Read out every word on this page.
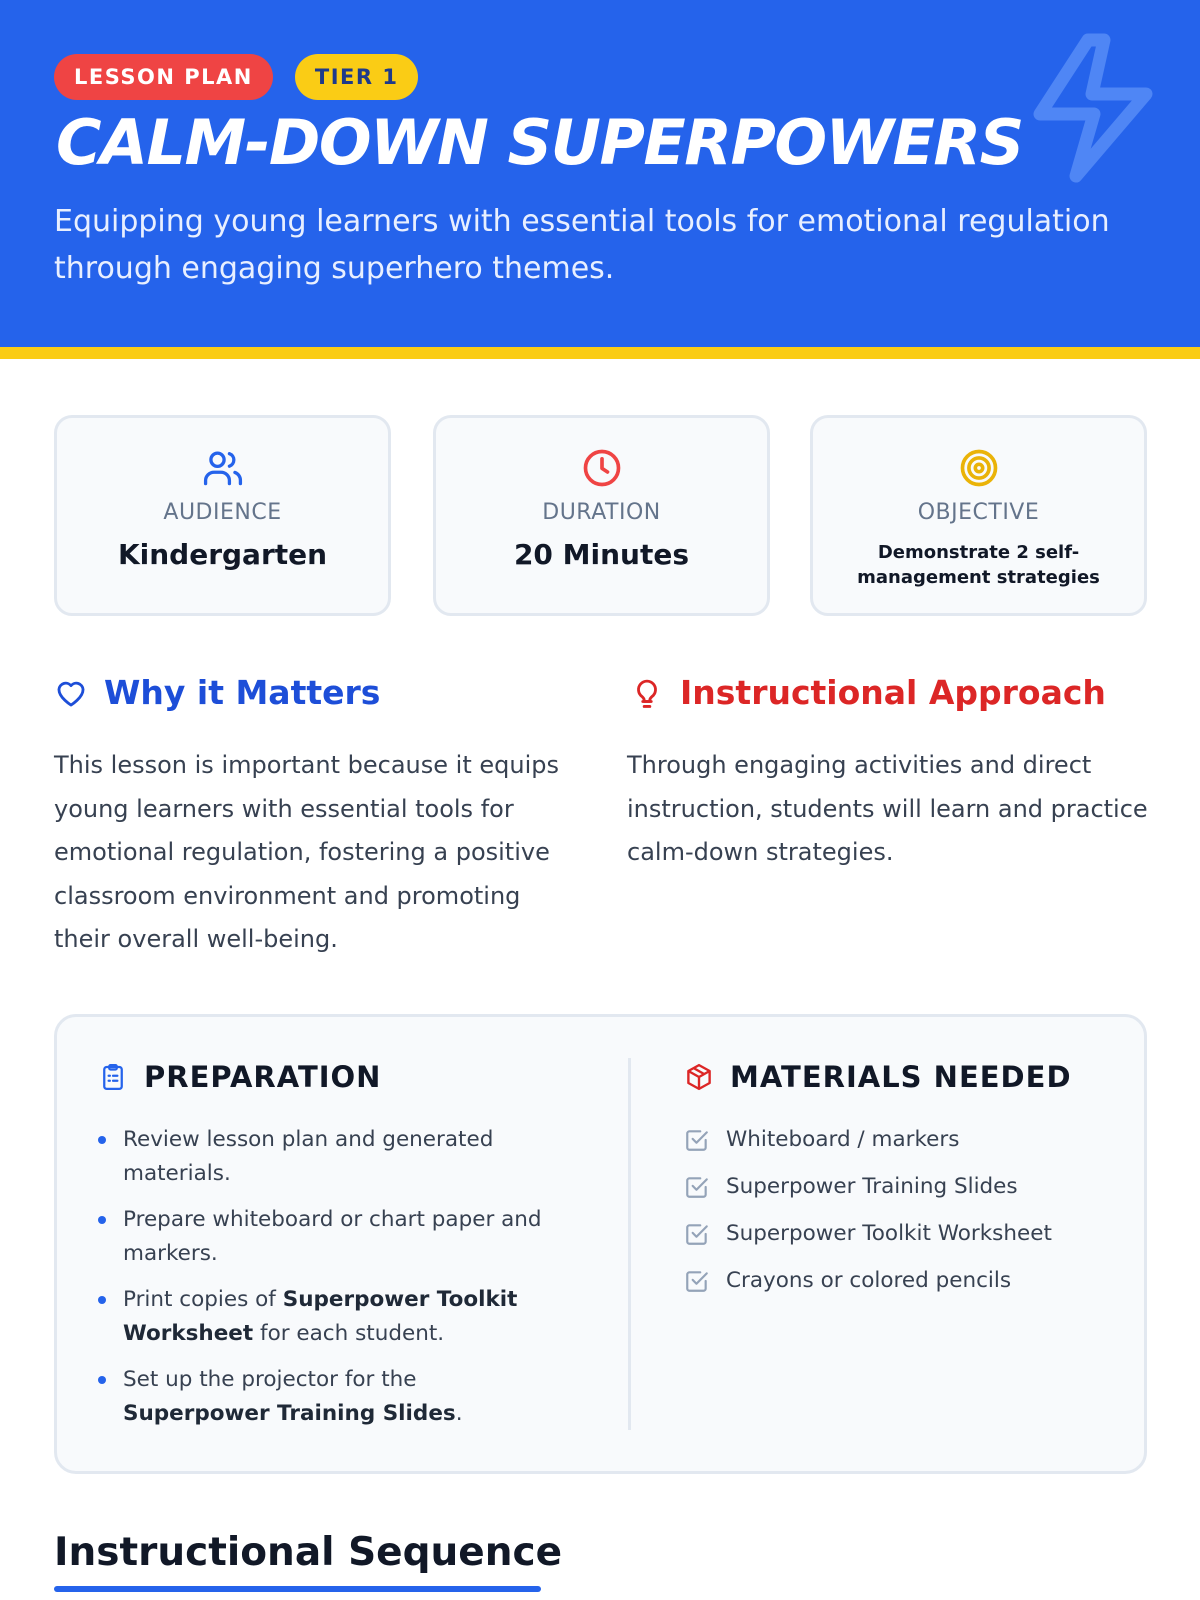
LESSON PLAN	TIER 1
CALM-DOWN SUPERPOWERS

Equipping young learners with essential tools for emotional regulation through engaging superhero themes.

AUDIENCE
Kindergarten
DURATION
20 Minutes
OBJECTIVE
Demonstrate 2 self-management strategies
Why it Matters

This lesson is important because it equips young learners with essential tools for emotional regulation, fostering a positive classroom environment and promoting their overall well-being.

Instructional Approach

Through engaging activities and direct instruction, students will learn and practice calm-down strategies.

PREPARATION
Review lesson plan and generated materials.
Prepare whiteboard or chart paper and markers.
Print copies of Superpower Toolkit Worksheet for each student.
Set up the projector for the Superpower Training Slides.
MATERIALS NEEDED
Whiteboard / markers
Superpower Training Slides
Superpower Toolkit Worksheet
Crayons or colored pencils
Instructional Sequence
